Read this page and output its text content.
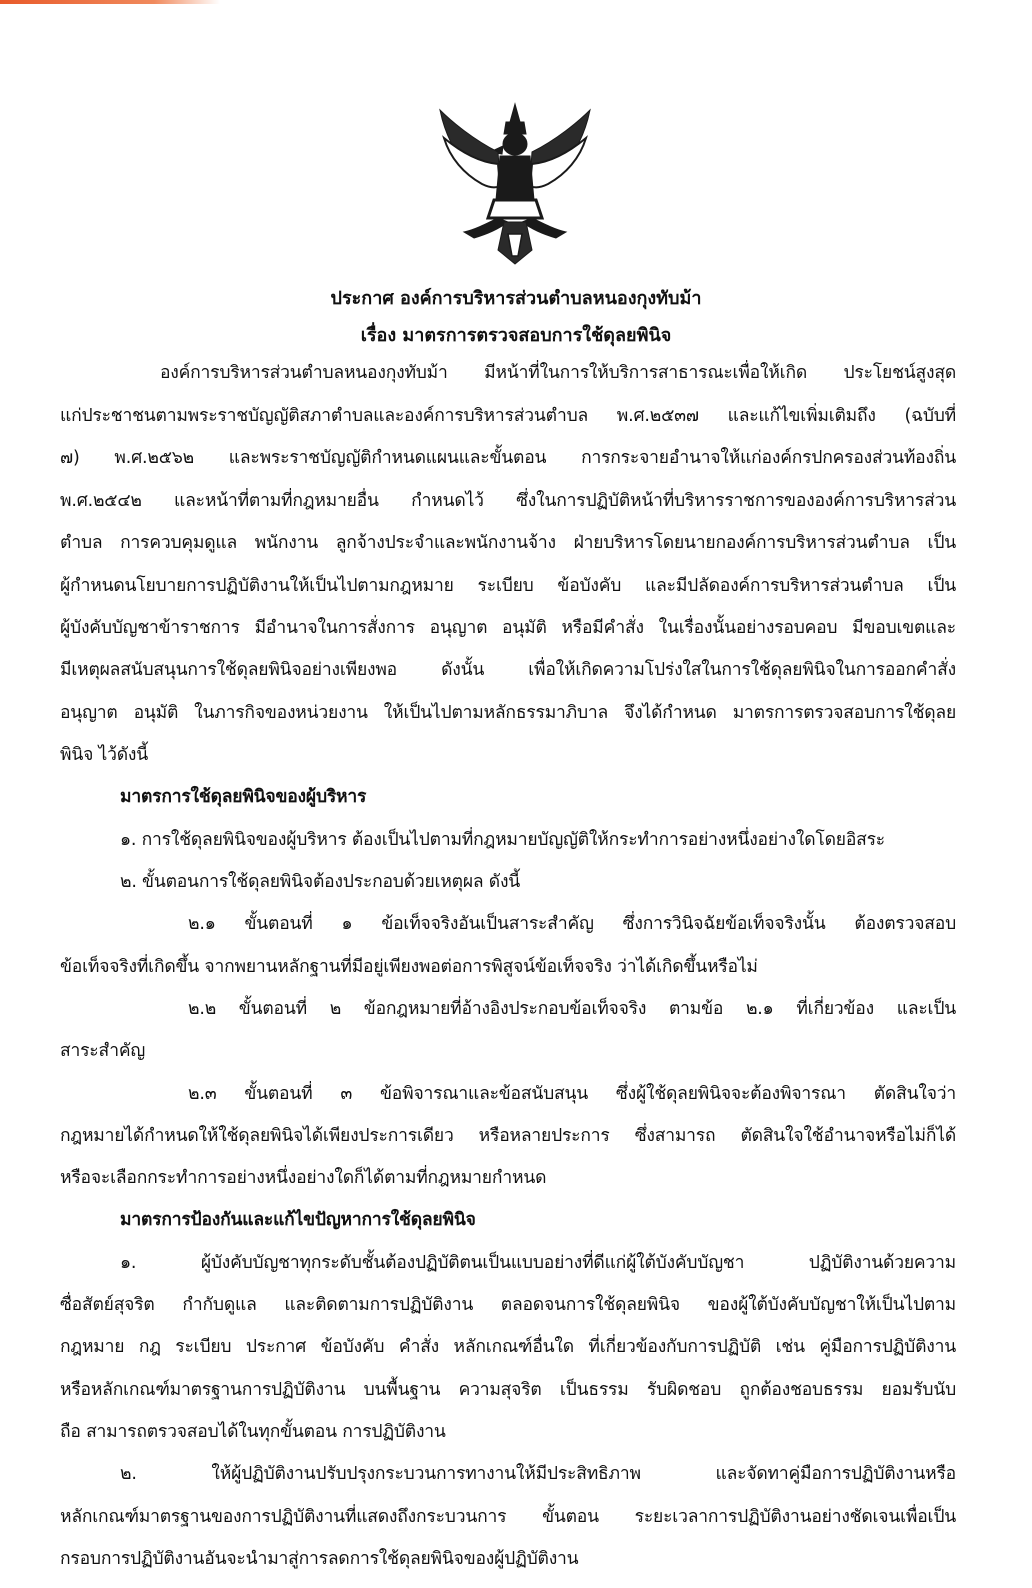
ประกาศ องค์การบริหารส่วนตำบลหนองกุงทับม้า
เรื่อง มาตรการตรวจสอบการใช้ดุลยพินิจ
องค์การบริหารส่วนตำบลหนองกุงทับม้า มีหน้าที่ในการให้บริการสาธารณะเพื่อให้เกิด ประโยชน์สูงสุด
แก่ประชาชนตามพระราชบัญญัติสภาตำบลและองค์การบริหารส่วนตำบล พ.ศ.๒๕๓๗ และแก้ไขเพิ่มเติมถึง (ฉบับที่
๗) พ.ศ.๒๕๖๒ และพระราชบัญญัติกำหนดแผนและขั้นตอน การกระจายอำนาจให้แก่องค์กรปกครองส่วนท้องถิ่น
พ.ศ.๒๕๔๒ และหน้าที่ตามที่กฎหมายอื่น กำหนดไว้ ซึ่งในการปฏิบัติหน้าที่บริหารราชการขององค์การบริหารส่วน
ตำบล การควบคุมดูแล พนักงาน ลูกจ้างประจำและพนักงานจ้าง ฝ่ายบริหารโดยนายกองค์การบริหารส่วนตำบล เป็น
ผู้กำหนดนโยบายการปฏิบัติงานให้เป็นไปตามกฎหมาย ระเบียบ ข้อบังคับ และมีปลัดองค์การบริหารส่วนตำบล เป็น
ผู้บังคับบัญชาข้าราชการ มีอำนาจในการสั่งการ อนุญาต อนุมัติ หรือมีคำสั่ง ในเรื่องนั้นอย่างรอบคอบ มีขอบเขตและ
มีเหตุผลสนับสนุนการใช้ดุลยพินิจอย่างเพียงพอ ดังนั้น เพื่อให้เกิดความโปร่งใสในการใช้ดุลยพินิจในการออกคำสั่ง
อนุญาต อนุมัติ ในภารกิจของหน่วยงาน ให้เป็นไปตามหลักธรรมาภิบาล จึงได้กำหนด มาตรการตรวจสอบการใช้ดุลย
พินิจ ไว้ดังนี้
มาตรการใช้ดุลยพินิจของผู้บริหาร
๑. การใช้ดุลยพินิจของผู้บริหาร ต้องเป็นไปตามที่กฎหมายบัญญัติให้กระทำการอย่างหนึ่งอย่างใดโดยอิสระ
๒. ขั้นตอนการใช้ดุลยพินิจต้องประกอบด้วยเหตุผล ดังนี้
๒.๑ ขั้นตอนที่ ๑ ข้อเท็จจริงอันเป็นสาระสำคัญ ซึ่งการวินิจฉัยข้อเท็จจริงนั้น ต้องตรวจสอบ
ข้อเท็จจริงที่เกิดขึ้น จากพยานหลักฐานที่มีอยู่เพียงพอต่อการพิสูจน์ข้อเท็จจริง ว่าได้เกิดขึ้นหรือไม่
๒.๒ ขั้นตอนที่ ๒ ข้อกฎหมายที่อ้างอิงประกอบข้อเท็จจริง ตามข้อ ๒.๑ ที่เกี่ยวข้อง และเป็น
สาระสำคัญ
๒.๓ ขั้นตอนที่ ๓ ข้อพิจารณาและข้อสนับสนุน ซึ่งผู้ใช้ดุลยพินิจจะต้องพิจารณา ตัดสินใจว่า
กฎหมายได้กำหนดให้ใช้ดุลยพินิจได้เพียงประการเดียว หรือหลายประการ ซึ่งสามารถ ตัดสินใจใช้อำนาจหรือไม่ก็ได้
หรือจะเลือกกระทำการอย่างหนึ่งอย่างใดก็ได้ตามที่กฎหมายกำหนด
มาตรการป้องกันและแก้ไขปัญหาการใช้ดุลยพินิจ
๑. ผู้บังคับบัญชาทุกระดับชั้นต้องปฏิบัติตนเป็นแบบอย่างที่ดีแก่ผู้ใต้บังคับบัญชา ปฏิบัติงานด้วยความ
ซื่อสัตย์สุจริต กำกับดูแล และติดตามการปฏิบัติงาน ตลอดจนการใช้ดุลยพินิจ ของผู้ใต้บังคับบัญชาให้เป็นไปตาม
กฎหมาย กฎ ระเบียบ ประกาศ ข้อบังคับ คำสั่ง หลักเกณฑ์อื่นใด ที่เกี่ยวข้องกับการปฏิบัติ เช่น คู่มือการปฏิบัติงาน
หรือหลักเกณฑ์มาตรฐานการปฏิบัติงาน บนพื้นฐาน ความสุจริต เป็นธรรม รับผิดชอบ ถูกต้องชอบธรรม ยอมรับนับ
ถือ สามารถตรวจสอบได้ในทุกขั้นตอน การปฏิบัติงาน
๒. ให้ผู้ปฏิบัติงานปรับปรุงกระบวนการทางานให้มีประสิทธิภาพ และจัดทาคู่มือการปฏิบัติงานหรือ
หลักเกณฑ์มาตรฐานของการปฏิบัติงานที่แสดงถึงกระบวนการ ขั้นตอน ระยะเวลาการปฏิบัติงานอย่างชัดเจนเพื่อเป็น
กรอบการปฏิบัติงานอันจะนำมาสู่การลดการใช้ดุลยพินิจของผู้ปฏิบัติงาน
